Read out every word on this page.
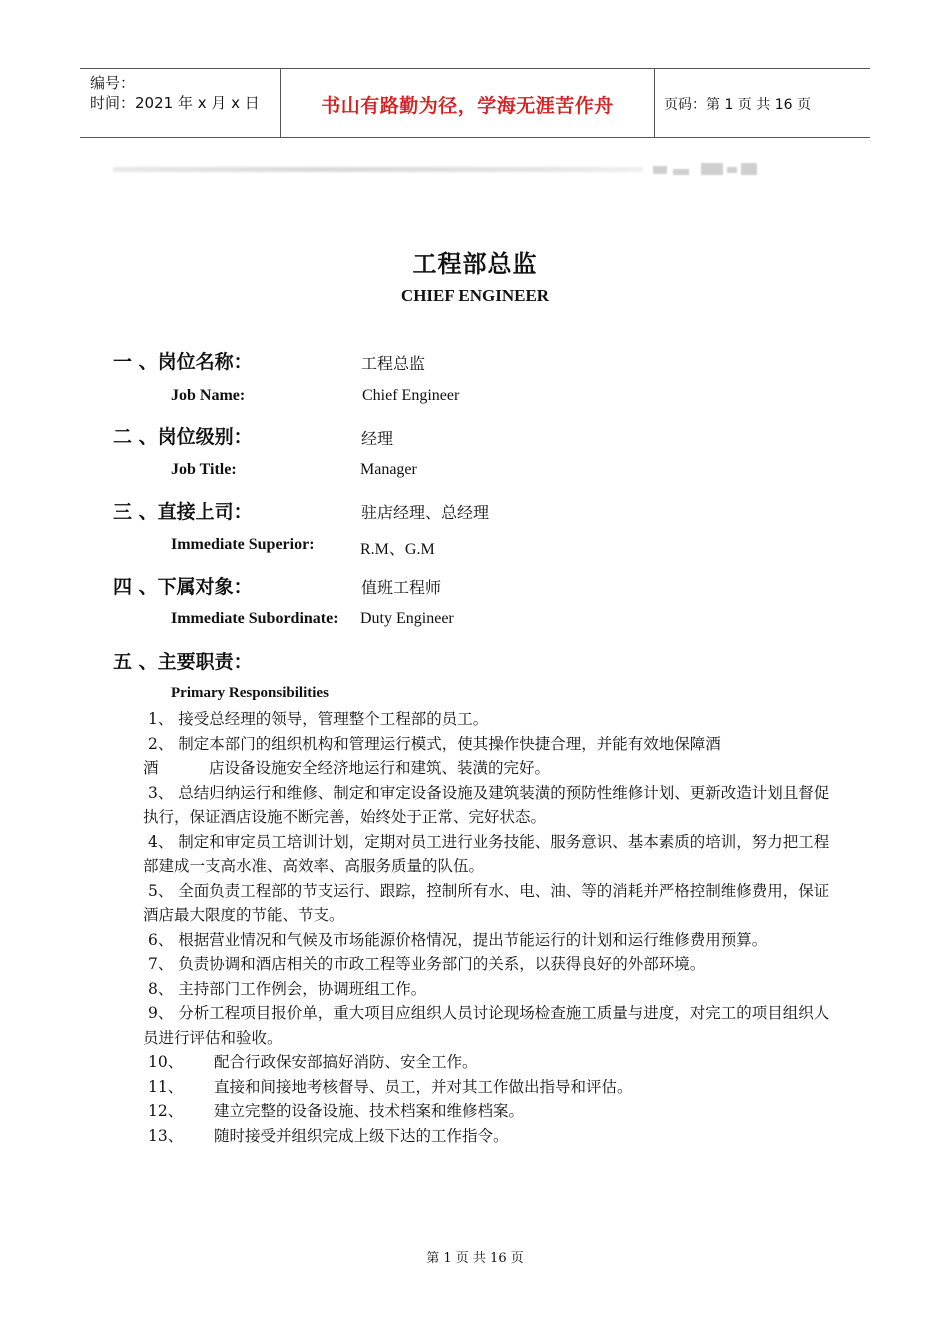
编号：
时间：2021 年 x 月 x 日	书山有路勤为径，学海无涯苦作舟	页码：第 1 页 共 16 页
工程部总监
CHIEF ENGINEER
一 、岗位名称：	工程总监
Job Name:	Chief Engineer
二 、岗位级别：	经理
Job Title:	Manager
三 、直接上司：	驻店经理、总经理
Immediate Superior:	R.M、G.M
四 、下属对象：	值班工程师
Immediate Subordinate: Duty Engineer
五 、主要职责：
Primary Responsibilities

1、 接受总经理的领导，管理整个工程部的员工。

2、 制定本部门的组织机构和管理运行模式，使其操作快捷合理，并能有效地保障酒

酒	店设备设施安全经济地运行和建筑、装潢的完好。

3、 总结归纳运行和维修、制定和审定设备设施及建筑装潢的预防性维修计划、更新改造计划且督促执行，保证酒店设施不断完善，始终处于正常、完好状态。

4、 制定和审定员工培训计划，定期对员工进行业务技能、服务意识、基本素质的培训，努力把工程部建成一支高水准、高效率、高服务质量的队伍。

5、 全面负责工程部的节支运行、跟踪，控制所有水、电、油、等的消耗并严格控制维修费用，保证酒店最大限度的节能、节支。

6、 根据营业情况和气候及市场能源价格情况，提出节能运行的计划和运行维修费用预算。

7、 负责协调和酒店相关的市政工程等业务部门的关系，以获得良好的外部环境。

8、 主持部门工作例会，协调班组工作。

9、 分析工程项目报价单，重大项目应组织人员讨论现场检查施工质量与进度，对完工的项目组织人员进行评估和验收。

10、 配合行政保安部搞好消防、安全工作。

11、 直接和间接地考核督导、员工，并对其工作做出指导和评估。

12、 建立完整的设备设施、技术档案和维修档案。

13、 随时接受并组织完成上级下达的工作指令。

第 1 页 共 16 页
